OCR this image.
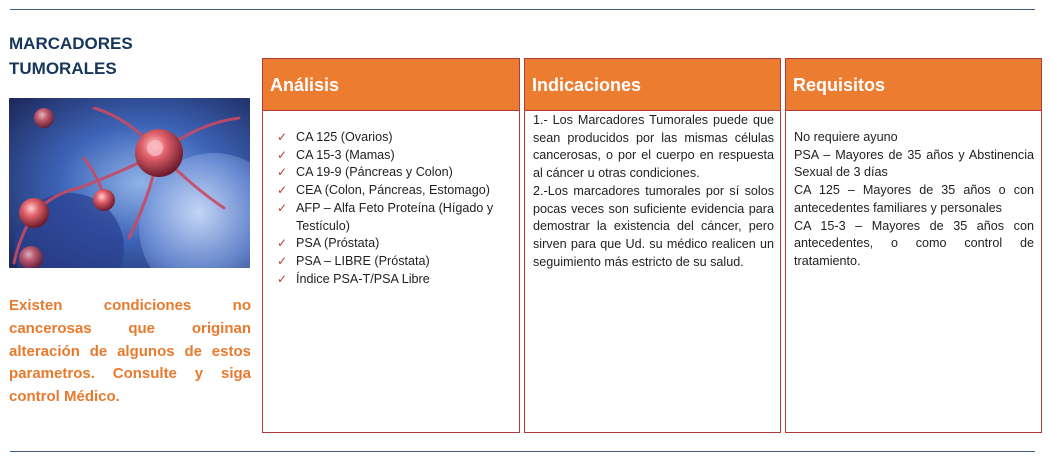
MARCADORES TUMORALES

Existen condiciones no cancerosas que originan alteración de algunos de estos parametros. Consulte y siga control Médico.

Análisis
✓ CA 125 (Ovarios)
✓ CA 15-3 (Mamas)
✓ CA 19-9 (Páncreas y Colon)
✓ CEA (Colon, Páncreas, Estomago)
✓ AFP – Alfa Feto Proteína (Hígado y Testículo)
✓ PSA (Próstata)
✓ PSA – LIBRE (Próstata)
✓ Índice PSA-T/PSA Libre
Indicaciones

1.- Los Marcadores Tumorales puede que sean producidos por las mismas células cancerosas, o por el cuerpo en respuesta al cáncer u otras condiciones.

2.-Los marcadores tumorales por sí solos pocas veces son suficiente evidencia para demostrar la existencia del cáncer, pero sirven para que Ud. su médico realicen un seguimiento más estricto de su salud.

Requisitos

No requiere ayuno

PSA – Mayores de 35 años y Abstinencia Sexual de 3 días

CA 125 – Mayores de 35 años o con antecedentes familiares y personales

CA 15-3 – Mayores de 35 años con antecedentes, o como control de tratamiento.
